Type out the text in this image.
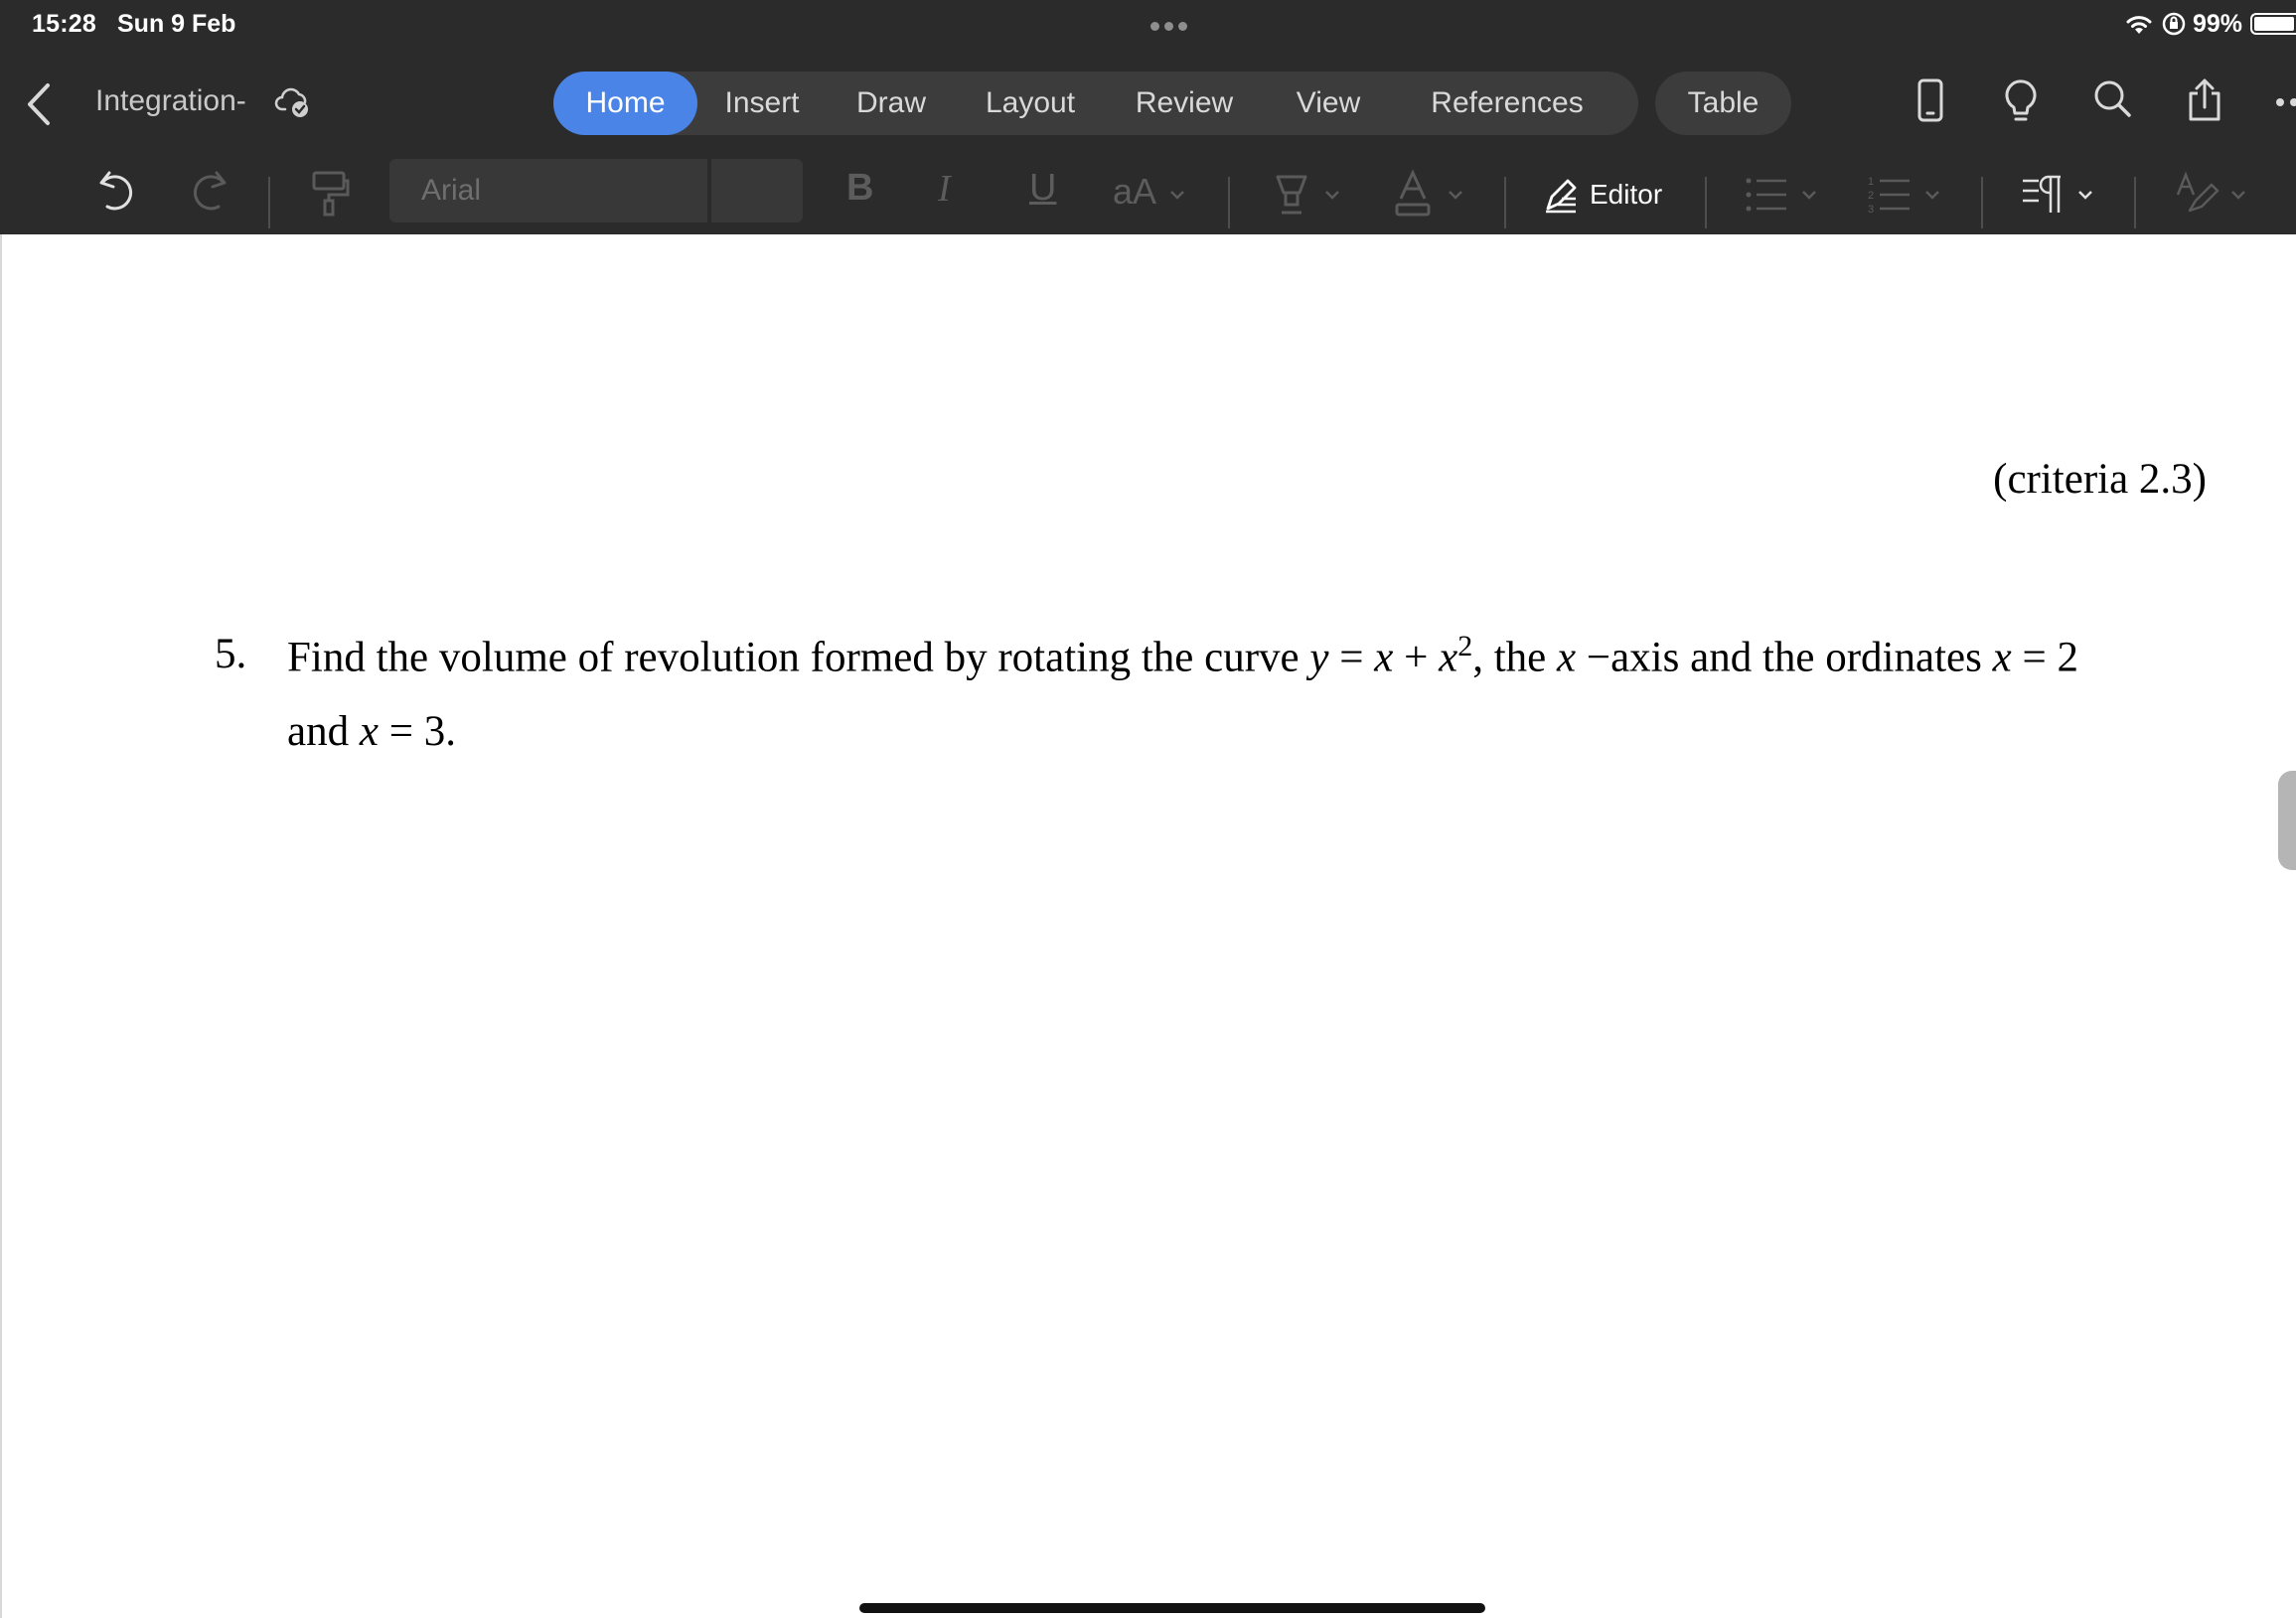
15:28 Sun 9 Feb	99%
Integration-	Home	Insert	Draw	Layout	Review	View	References	Table
Arial	B I U aA	Editor	1
2
3
(criteria 2.3)
5. Find the volume of revolution formed by rotating the curve $y = x + x^2$, the x −axis and the ordinates x = 2
and x = 3.
